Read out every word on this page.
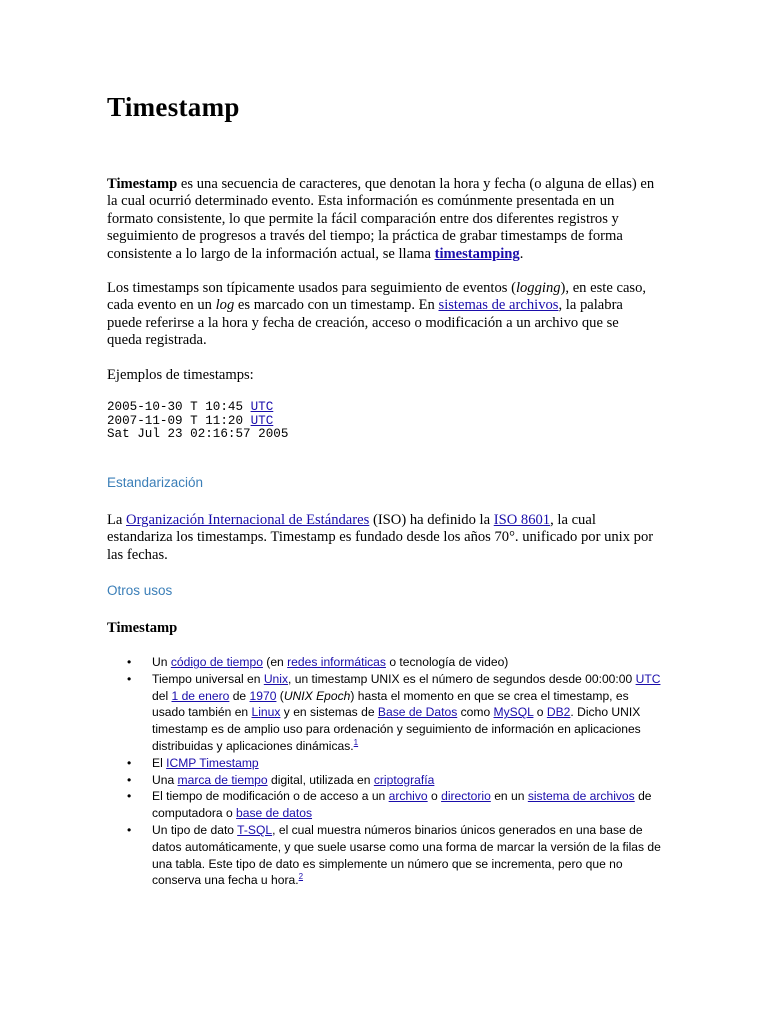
Timestamp

Timestamp es una secuencia de caracteres, que denotan la hora y fecha (o alguna de ellas) en la cual ocurrió determinado evento. Esta información es comúnmente presentada en un formato consistente, lo que permite la fácil comparación entre dos diferentes registros y seguimiento de progresos a través del tiempo; la práctica de grabar timestamps de forma consistente a lo largo de la información actual, se llama timestamping.

Los timestamps son típicamente usados para seguimiento de eventos (logging), en este caso, cada evento en un log es marcado con un timestamp. En sistemas de archivos, la palabra puede referirse a la hora y fecha de creación, acceso o modificación a un archivo que se queda registrada.

Ejemplos de timestamps:

2005-10-30 T 10:45 UTC
2007-11-09 T 11:20 UTC
Sat Jul 23 02:16:57 2005
Estandarización

La Organización Internacional de Estándares (ISO) ha definido la ISO 8601, la cual estandariza los timestamps. Timestamp es fundado desde los años 70°. unificado por unix por las fechas.

Otros usos
Timestamp
• Un código de tiempo (en redes informáticas o tecnología de video)
• Tiempo universal en Unix, un timestamp UNIX es el número de segundos desde 00:00:00 UTC del 1 de enero de 1970 (UNIX Epoch) hasta el momento en que se crea el timestamp, es usado también en Linux y en sistemas de Base de Datos como MySQL o DB2. Dicho UNIX timestamp es de amplio uso para ordenación y seguimiento de información en aplicaciones distribuidas y aplicaciones dinámicas.$^1$
• El ICMP Timestamp
• Una marca de tiempo digital, utilizada en criptografía
• El tiempo de modificación o de acceso a un archivo o directorio en un sistema de archivos de computadora o base de datos
• Un tipo de dato T-SQL, el cual muestra números binarios únicos generados en una base de datos automáticamente, y que suele usarse como una forma de marcar la versión de la filas de una tabla. Este tipo de dato es simplemente un número que se incrementa, pero que no conserva una fecha u hora.$^2$
